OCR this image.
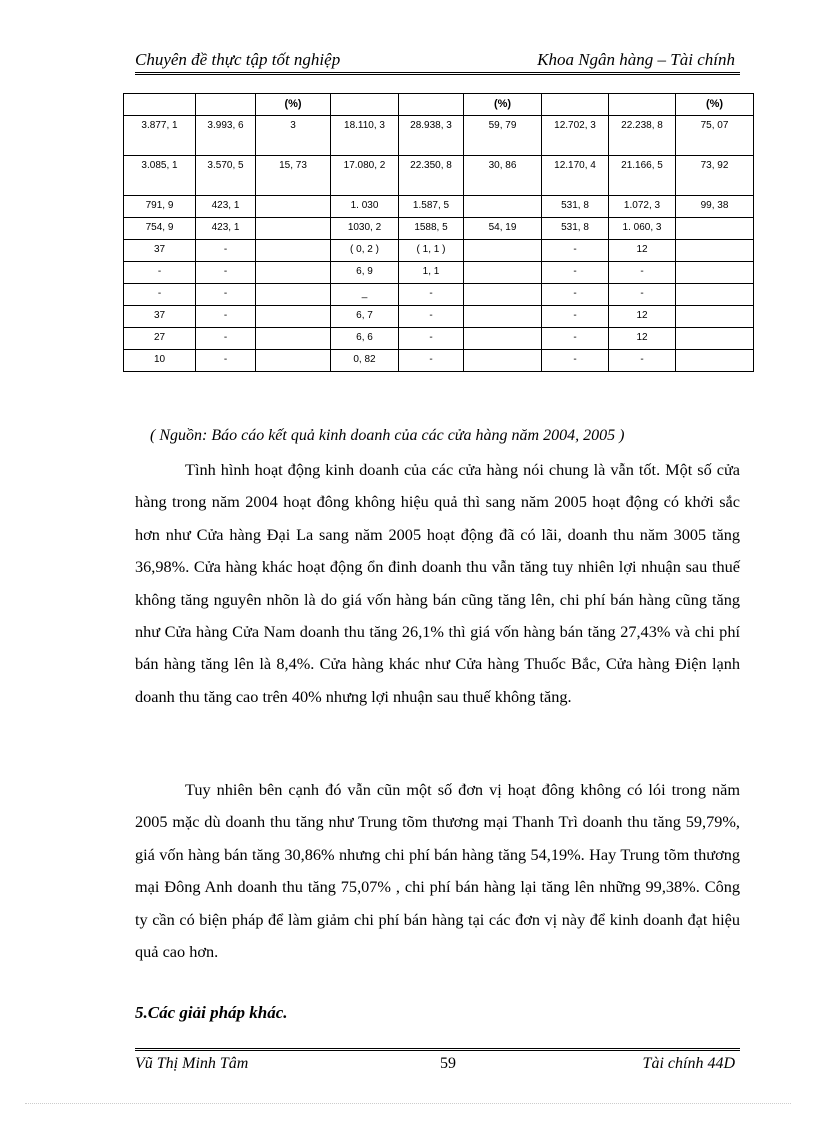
Chuyên đề thực tập tốt nghiệp	Khoa Ngân hàng – Tài chính
		(%)			(%)			(%)
3.877, 1	3.993, 6	3	18.110, 3	28.938, 3	59, 79	12.702, 3	22.238, 8	75, 07
3.085, 1	3.570, 5	15, 73	17.080, 2	22.350, 8	30, 86	12.170, 4	21.166, 5	73, 92
791, 9	423, 1		1. 030	1.587, 5		531, 8	1.072, 3	99, 38
754, 9	423, 1		1030, 2	1588, 5	54, 19	531, 8	1. 060, 3	
37	-		( 0, 2 )	( 1, 1 )		-	12	
-	-		6, 9	1, 1		-	-	
-	-		_	-		-	-	
37	-		6, 7	-		-	12	
27	-		6, 6	-		-	12	
10	-		0, 82	-		-	-	
( Nguồn: Báo cáo kết quả kinh doanh của các cửa hàng năm 2004, 2005 )
Tình hình hoạt động kinh doanh của các cửa hàng nói chung là vẫn tốt. Một số cửa hàng trong năm 2004 hoạt đông không hiệu quả thì sang năm 2005 hoạt động có khởi sắc hơn như Cửa hàng Đại La sang năm 2005 hoạt động đã có lãi, doanh thu năm 3005 tăng 36,98%. Cửa hàng khác hoạt động ổn đinh doanh thu vẫn tăng tuy nhiên lợi nhuận sau thuế không tăng nguyên nhõn là do giá vốn hàng bán cũng tăng lên, chi phí bán hàng cũng tăng như Cửa hàng Cửa Nam doanh thu tăng 26,1% thì giá vốn hàng bán tăng 27,43% và chi phí bán hàng tăng lên là 8,4%. Cửa hàng khác như Cửa hàng Thuốc Bắc, Cửa hàng Điện lạnh doanh thu tăng cao trên 40% nhưng lợi nhuận sau thuế không tăng.
Tuy nhiên bên cạnh đó vẫn cũn một số đơn vị hoạt đông không có lói trong năm 2005 mặc dù doanh thu tăng như Trung tõm thương mại Thanh Trì doanh thu tăng 59,79%, giá vốn hàng bán tăng 30,86% nhưng chi phí bán hàng tăng 54,19%. Hay Trung tõm thương mại Đông Anh doanh thu tăng 75,07% , chi phí bán hàng lại tăng lên những 99,38%. Công ty cần có biện pháp để làm giảm chi phí bán hàng tại các đơn vị này để kinh doanh đạt hiệu quả cao hơn.
5.Các giải pháp khác.
Vũ Thị Minh Tâm	59	Tài chính 44D
